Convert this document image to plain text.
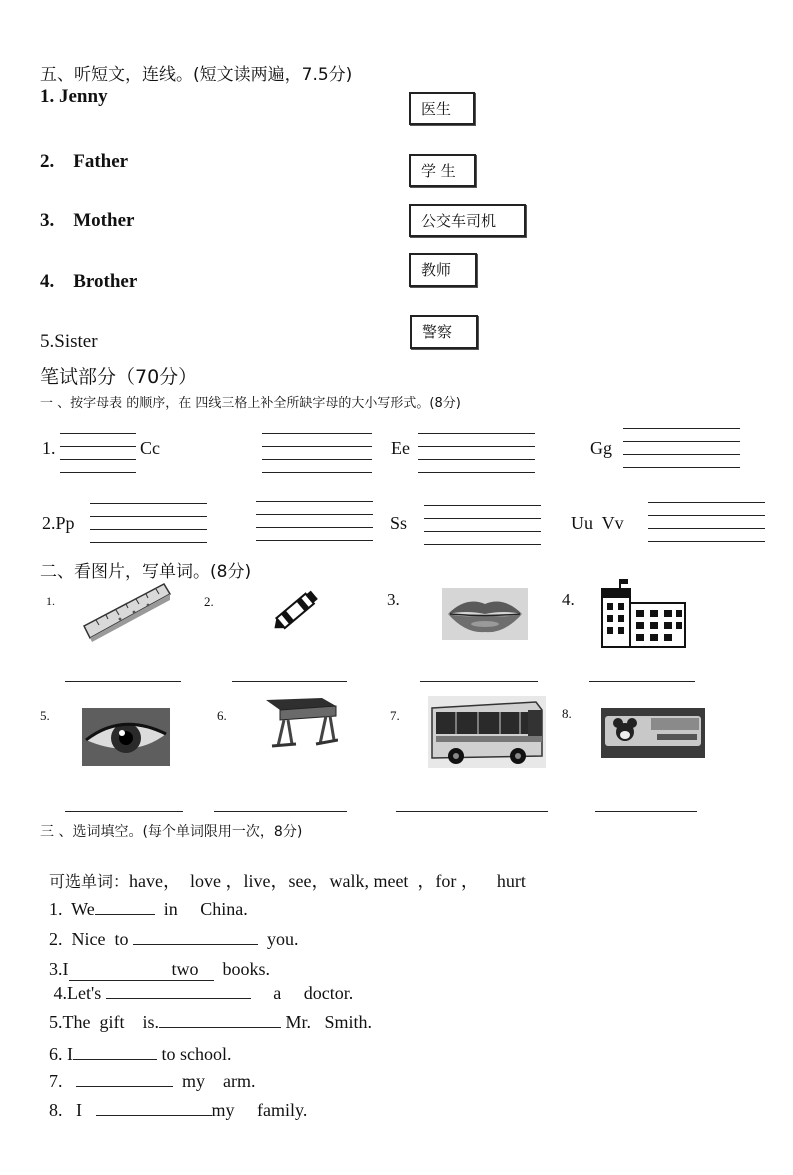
五、听短文，连线。(短文读两遍，7.5分)
1. Jenny
2.    Father
3.    Mother
4.    Brother
5.Sister
医生
学 生
公交车司机
教师
警察
笔试部分（70分）
一 、按字母表 的顺序，在 四线三格上补全所缺字母的大小写形式。(8分)
1.	Cc	Ee	Gg
2.Pp	Ss	Uu  Vv
二、看图片，写单词。(8分)
1.	2.	3.	4.
5.	6.	7.	8.
三 、选词填空。(每个单词限用一次，8分)

可选单词：have，  love ，live，see，walk, meet  ，for ，    hurt

1.  We	in     China.

2.  Nice  to	you.

3.I	two  books.

4.Let's	a     doctor.

5.The  gift    is.	Mr.   Smith.

6. I	to school.

7.	my    arm.

8.   I	my     family.
